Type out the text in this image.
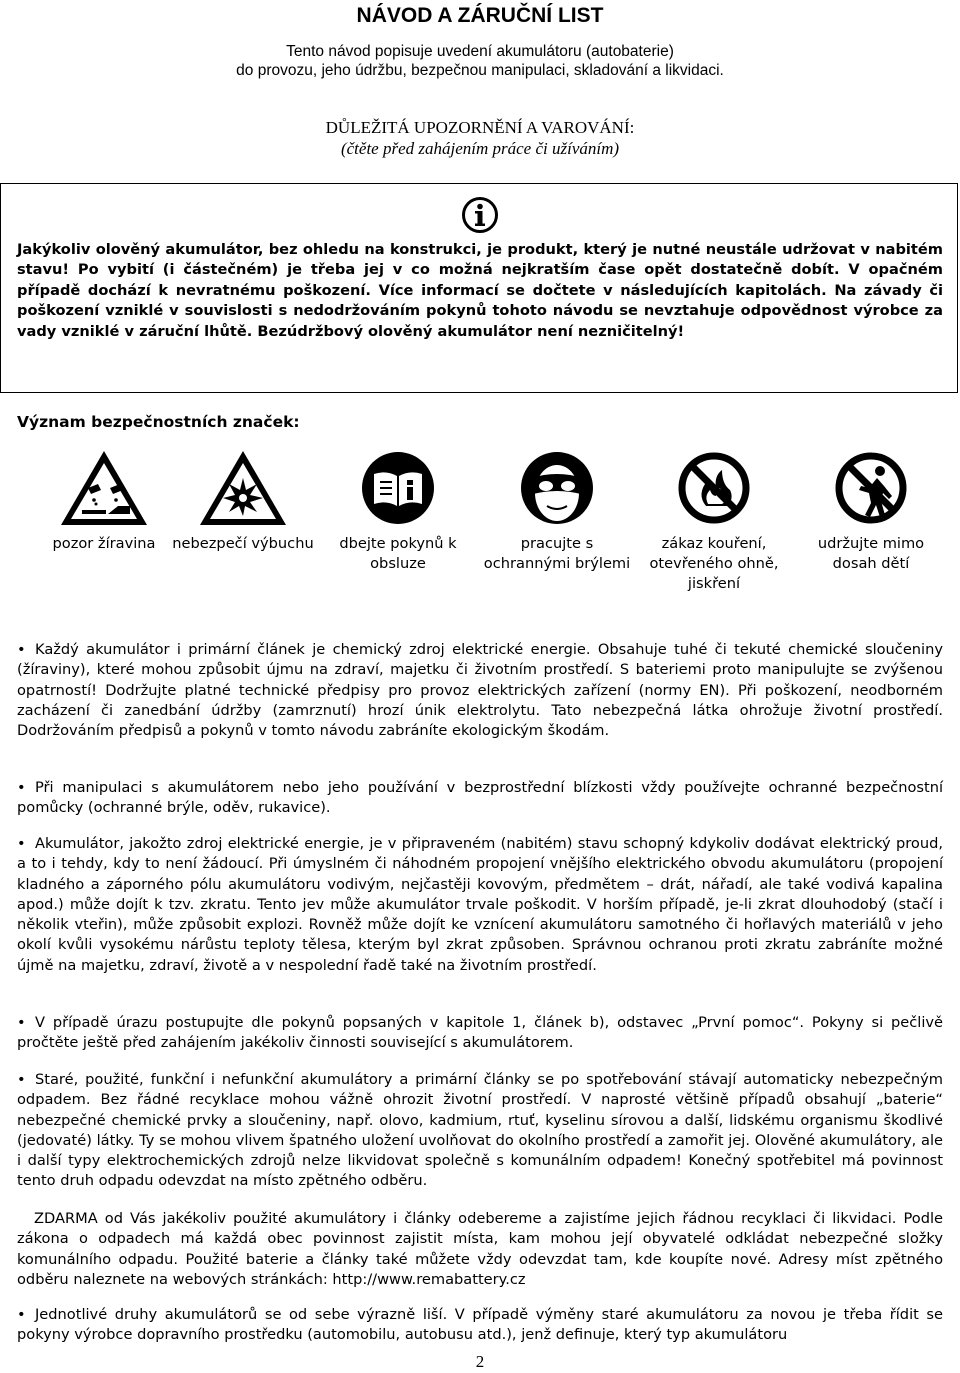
NÁVOD A ZÁRUČNÍ LIST
Tento návod popisuje uvedení akumulátoru (autobaterie)
do provozu, jeho údržbu, bezpečnou manipulaci, skladování a likvidaci.
DŮLEŽITÁ UPOZORNĚNÍ A VAROVÁNÍ:
(čtěte před zahájením práce či užíváním)
Jakýkoliv olověný akumulátor, bez ohledu na konstrukci, je produkt, který je nutné neustále udržovat v nabitém stavu! Po vybití (i částečném) je třeba jej v co možná nejkratším čase opět dostatečně dobít. V opačném případě dochází k nevratnému poškození. Více informací se dočtete v následujících kapitolách. Na závady či poškození vzniklé v souvislosti s nedodržováním pokynů tohoto návodu se nevztahuje odpovědnost výrobce za vady vzniklé v záruční lhůtě. Bezúdržbový olověný akumulátor není nezničitelný!
Význam bezpečnostních značek:
pozor žíravina	nebezpečí výbuchu	dbejte pokynů k obsluze
pracujte s ochrannými brýlemi
zákaz kouření, otevřeného ohně, jiskření
udržujte mimo dosah dětí

• Každý akumulátor i primární článek je chemický zdroj elektrické energie. Obsahuje tuhé či tekuté chemické sloučeniny (žíraviny), které mohou způsobit újmu na zdraví, majetku či životním prostředí. S bateriemi proto manipulujte se zvýšenou opatrností! Dodržujte platné technické předpisy pro provoz elektrických zařízení (normy EN). Při poškození, neodborném zacházení či zanedbání údržby (zamrznutí) hrozí únik elektrolytu. Tato nebezpečná látka ohrožuje životní prostředí. Dodržováním předpisů a pokynů v tomto návodu zabráníte ekologickým škodám.

• Při manipulaci s akumulátorem nebo jeho používání v bezprostřední blízkosti vždy používejte ochranné bezpečnostní pomůcky (ochranné brýle, oděv, rukavice).

• Akumulátor, jakožto zdroj elektrické energie, je v připraveném (nabitém) stavu schopný kdykoliv dodávat elektrický proud, a to i tehdy, kdy to není žádoucí. Při úmyslném či náhodném propojení vnějšího elektrického obvodu akumulátoru (propojení kladného a záporného pólu akumulátoru vodivým, nejčastěji kovovým, předmětem – drát, nářadí, ale také vodivá kapalina apod.) může dojít k tzv. zkratu. Tento jev může akumulátor trvale poškodit. V horším případě, je-li zkrat dlouhodobý (stačí i několik vteřin), může způsobit explozi. Rovněž může dojít ke vznícení akumulátoru samotného či hořlavých materiálů v jeho okolí kvůli vysokému nárůstu teploty tělesa, kterým byl zkrat způsoben. Správnou ochranou proti zkratu zabráníte možné újmě na majetku, zdraví, životě a v nespolední řadě také na životním prostředí.

• V případě úrazu postupujte dle pokynů popsaných v kapitole 1, článek b), odstavec „První pomoc“. Pokyny si pečlivě pročtěte ještě před zahájením jakékoliv činnosti související s akumulátorem.

• Staré, použité, funkční i nefunkční akumulátory a primární články se po spotřebování stávají automaticky nebezpečným odpadem. Bez řádné recyklace mohou vážně ohrozit životní prostředí. V naprosté většině případů obsahují „baterie“ nebezpečné chemické prvky a sloučeniny, např. olovo, kadmium, rtuť, kyselinu sírovou a další, lidskému organismu škodlivé (jedovaté) látky. Ty se mohou vlivem špatného uložení uvolňovat do okolního prostředí a zamořit jej. Olověné akumulátory, ale i další typy elektrochemických zdrojů nelze likvidovat společně s komunálním odpadem! Konečný spotřebitel má povinnost tento druh odpadu odevzdat na místo zpětného odběru.

ZDARMA od Vás jakékoliv použité akumulátory i články odebereme a zajistíme jejich řádnou recyklaci či likvidaci. Podle zákona o odpadech má každá obec povinnost zajistit místa, kam mohou její obyvatelé odkládat nebezpečné složky komunálního odpadu. Použité baterie a články také můžete vždy odevzdat tam, kde koupíte nové. Adresy míst zpětného odběru naleznete na webových stránkách: http://www.remabattery.cz

• Jednotlivé druhy akumulátorů se od sebe výrazně liší. V případě výměny staré akumulátoru za novou je třeba řídit se pokyny výrobce dopravního prostředku (automobilu, autobusu atd.), jenž definuje, který typ akumulátoru

2
